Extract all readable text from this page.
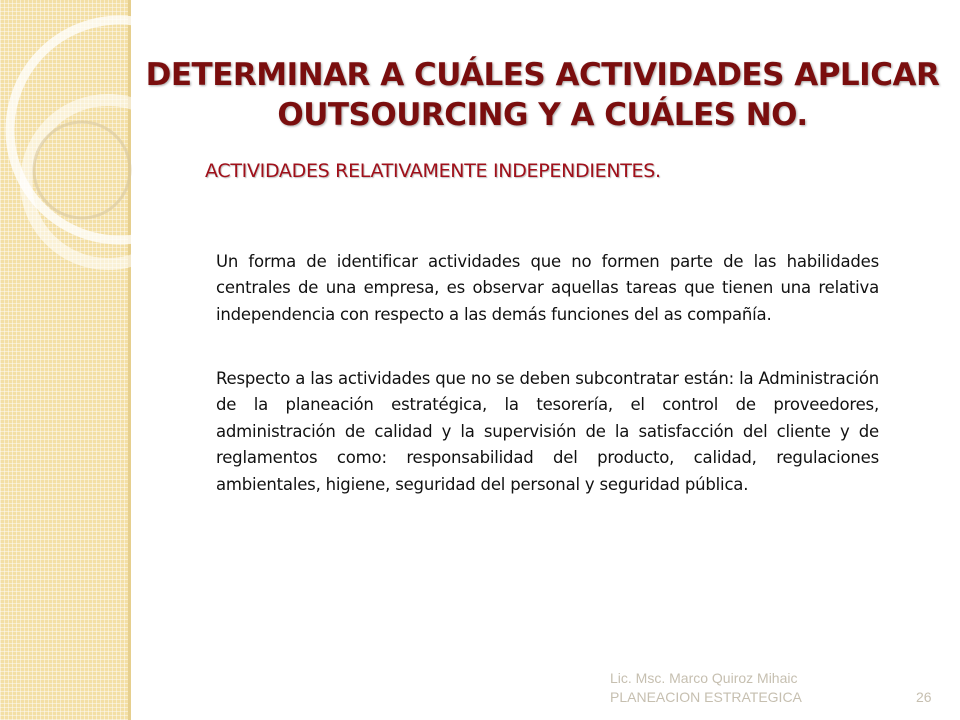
DETERMINAR A CUÁLES ACTIVIDADES APLICAR OUTSOURCING Y A CUÁLES NO.
ACTIVIDADES RELATIVAMENTE INDEPENDIENTES.

Un forma de identificar actividades que no formen parte de las habilidades centrales de una empresa, es observar aquellas tareas que tienen una relativa independencia con respecto a las demás funciones del as compañía.

Respecto a las actividades que no se deben subcontratar están: la Administración de la planeación estratégica, la tesorería, el control de proveedores, administración de calidad y la supervisión de la satisfacción del cliente y de reglamentos como: responsabilidad del producto, calidad, regulaciones ambientales, higiene, seguridad del personal y seguridad pública.

Lic. Msc. Marco Quiroz Mihaic
PLANEACION ESTRATEGICA	26
